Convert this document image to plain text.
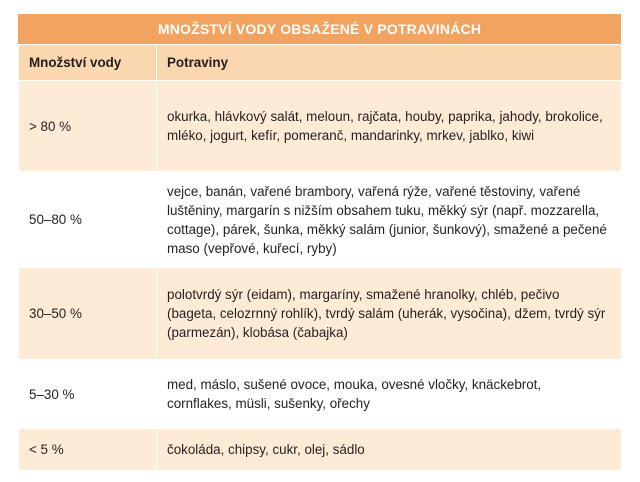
MNOŽSTVÍ VODY OBSAŽENÉ V POTRAVINÁCH
Množství vody	Potraviny
> 80 %	okurka, hlávkový salát, meloun, rajčata, houby, paprika, jahody, brokolice, mléko, jogurt, kefír, pomeranč, mandarinky, mrkev, jablko, kiwi
50–80 %	vejce, banán, vařené brambory, vařená rýže, vařené těstoviny, vařené luštěniny, margarín s nižším obsahem tuku, měkký sýr (např. mozzarella, cottage), párek, šunka, měkký salám (junior, šunkový), smažené a pečené maso (vepřové, kuřecí, ryby)
30–50 %	polotvrdý sýr (eidam), margaríny, smažené hranolky, chléb, pečivo (bageta, celozrnný rohlík), tvrdý salám (uherák, vysočina), džem, tvrdý sýr (parmezán), klobása (čabajka)
5–30 %	med, máslo, sušené ovoce, mouka, ovesné vločky, knäckebrot, cornflakes, müsli, sušenky, ořechy
< 5 %	čokoláda, chipsy, cukr, olej, sádlo
